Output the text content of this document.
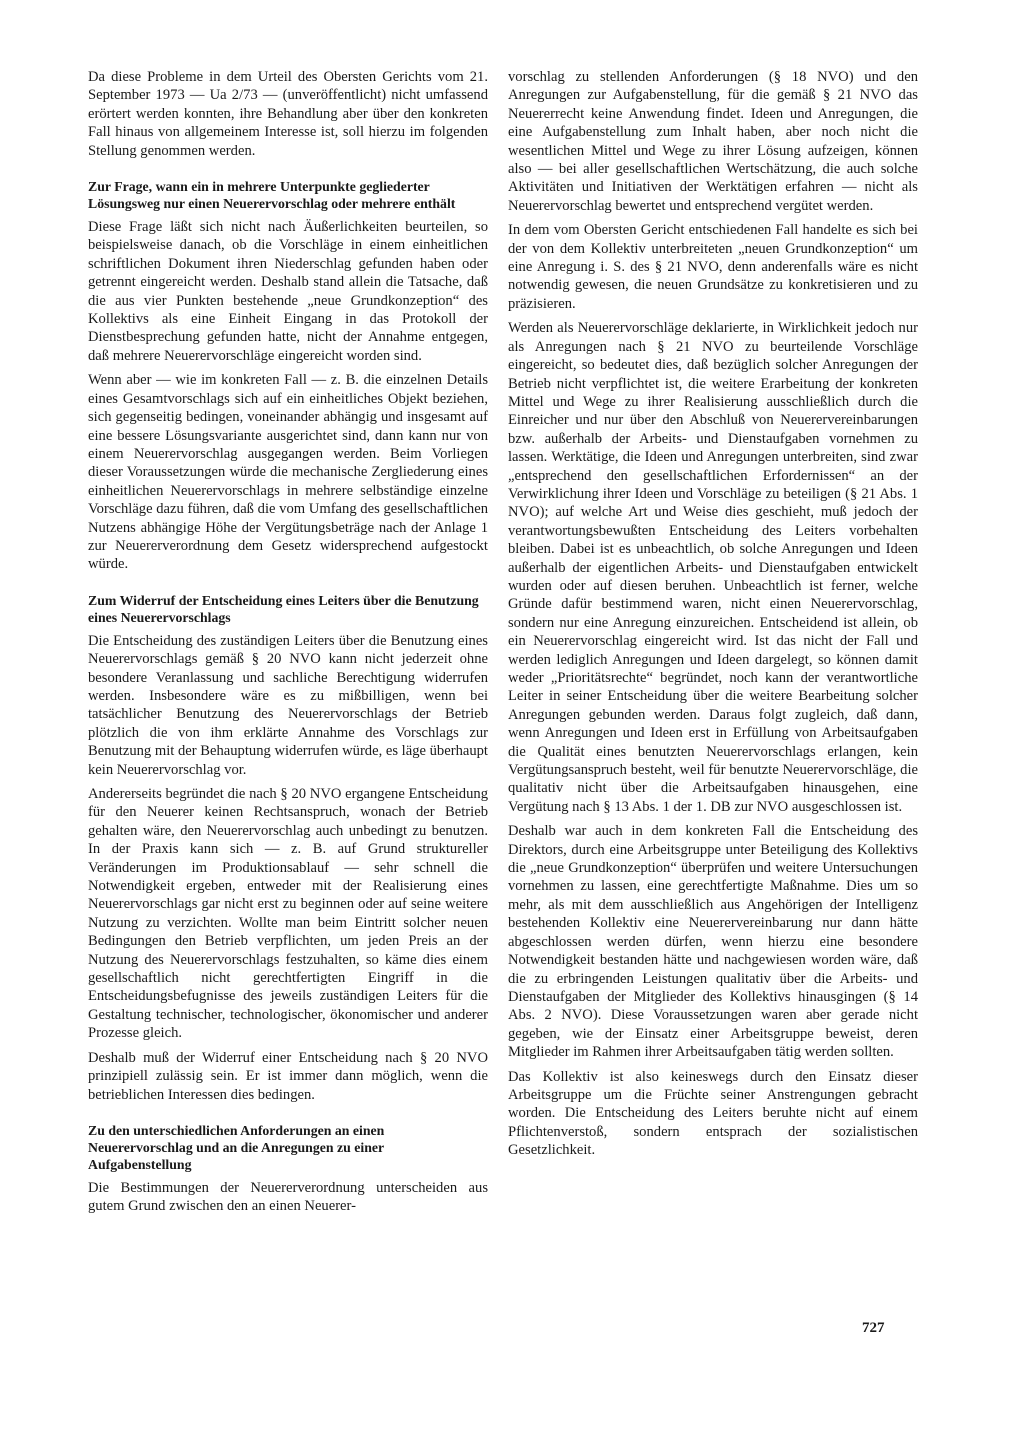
Da diese Probleme in dem Urteil des Obersten Gerichts vom 21. September 1973 — Ua 2/73 — (unveröffentlicht) nicht umfassend erörtert werden konnten, ihre Behandlung aber über den konkreten Fall hinaus von allgemeinem Interesse ist, soll hierzu im folgenden Stellung genommen werden.

Zur Frage, wann ein in mehrere Unterpunkte gegliederter Lösungsweg nur einen Neuerervorschlag oder mehrere enthält

Diese Frage läßt sich nicht nach Äußerlichkeiten beurteilen, so beispielsweise danach, ob die Vorschläge in einem einheitlichen schriftlichen Dokument ihren Niederschlag gefunden haben oder getrennt eingereicht werden. Deshalb stand allein die Tatsache, daß die aus vier Punkten bestehende „neue Grundkonzeption“ des Kollektivs als eine Einheit Eingang in das Protokoll der Dienstbesprechung gefunden hatte, nicht der Annahme entgegen, daß mehrere Neuerervorschläge eingereicht worden sind.

Wenn aber — wie im konkreten Fall — z. B. die einzelnen Details eines Gesamtvorschlags sich auf ein einheitliches Objekt beziehen, sich gegenseitig bedingen, voneinander abhängig und insgesamt auf eine bessere Lösungsvariante ausgerichtet sind, dann kann nur von einem Neuerervorschlag ausgegangen werden. Beim Vorliegen dieser Voraussetzungen würde die mechanische Zergliederung eines einheitlichen Neuerervorschlags in mehrere selbständige einzelne Vorschläge dazu führen, daß die vom Umfang des gesellschaftlichen Nutzens abhängige Höhe der Vergütungsbeträge nach der Anlage 1 zur Neuererverordnung dem Gesetz widersprechend aufgestockt würde.

Zum Widerruf der Entscheidung eines Leiters über die Benutzung eines Neuerervorschlags

Die Entscheidung des zuständigen Leiters über die Benutzung eines Neuerervorschlags gemäß § 20 NVO kann nicht jederzeit ohne besondere Veranlassung und sachliche Berechtigung widerrufen werden. Insbesondere wäre es zu mißbilligen, wenn bei tatsächlicher Benutzung des Neuerervorschlags der Betrieb plötzlich die von ihm erklärte Annahme des Vorschlags zur Benutzung mit der Behauptung widerrufen würde, es läge überhaupt kein Neuerervorschlag vor.

Andererseits begründet die nach § 20 NVO ergangene Entscheidung für den Neuerer keinen Rechtsanspruch, wonach der Betrieb gehalten wäre, den Neuerervorschlag auch unbedingt zu benutzen. In der Praxis kann sich — z. B. auf Grund struktureller Veränderungen im Produktionsablauf — sehr schnell die Notwendigkeit ergeben, entweder mit der Realisierung eines Neuerervorschlags gar nicht erst zu beginnen oder auf seine weitere Nutzung zu verzichten. Wollte man beim Eintritt solcher neuen Bedingungen den Betrieb verpflichten, um jeden Preis an der Nutzung des Neuerervorschlags festzuhalten, so käme dies einem gesellschaftlich nicht gerechtfertigten Eingriff in die Entscheidungsbefugnisse des jeweils zuständigen Leiters für die Gestaltung technischer, technologischer, ökonomischer und anderer Prozesse gleich.

Deshalb muß der Widerruf einer Entscheidung nach § 20 NVO prinzipiell zulässig sein. Er ist immer dann möglich, wenn die betrieblichen Interessen dies bedingen.

Zu den unterschiedlichen Anforderungen an einen Neuerervorschlag und an die Anregungen zu einer Aufgabenstellung

Die Bestimmungen der Neuererverordnung unterscheiden aus gutem Grund zwischen den an einen Neuerer-

vorschlag zu stellenden Anforderungen (§ 18 NVO) und den Anregungen zur Aufgabenstellung, für die gemäß § 21 NVO das Neuererrecht keine Anwendung findet. Ideen und Anregungen, die eine Aufgabenstellung zum Inhalt haben, aber noch nicht die wesentlichen Mittel und Wege zu ihrer Lösung aufzeigen, können also — bei aller gesellschaftlichen Wertschätzung, die auch solche Aktivitäten und Initiativen der Werktätigen erfahren — nicht als Neuerervorschlag bewertet und entsprechend vergütet werden.

In dem vom Obersten Gericht entschiedenen Fall handelte es sich bei der von dem Kollektiv unterbreiteten „neuen Grundkonzeption“ um eine Anregung i. S. des § 21 NVO, denn anderenfalls wäre es nicht notwendig gewesen, die neuen Grundsätze zu konkretisieren und zu präzisieren.

Werden als Neuerervorschläge deklarierte, in Wirklichkeit jedoch nur als Anregungen nach § 21 NVO zu beurteilende Vorschläge eingereicht, so bedeutet dies, daß bezüglich solcher Anregungen der Betrieb nicht verpflichtet ist, die weitere Erarbeitung der konkreten Mittel und Wege zu ihrer Realisierung ausschließlich durch die Einreicher und nur über den Abschluß von Neuerervereinbarungen bzw. außerhalb der Arbeits- und Dienstaufgaben vornehmen zu lassen. Werktätige, die Ideen und Anregungen unterbreiten, sind zwar „entsprechend den gesellschaftlichen Erfordernissen“ an der Verwirklichung ihrer Ideen und Vorschläge zu beteiligen (§ 21 Abs. 1 NVO); auf welche Art und Weise dies geschieht, muß jedoch der verantwortungsbewußten Entscheidung des Leiters vorbehalten bleiben. Dabei ist es unbeachtlich, ob solche Anregungen und Ideen außerhalb der eigentlichen Arbeits- und Dienstaufgaben entwickelt wurden oder auf diesen beruhen. Unbeachtlich ist ferner, welche Gründe dafür bestimmend waren, nicht einen Neuerervorschlag, sondern nur eine Anregung einzureichen. Entscheidend ist allein, ob ein Neuerervorschlag eingereicht wird. Ist das nicht der Fall und werden lediglich Anregungen und Ideen dargelegt, so können damit weder „Prioritätsrechte“ begründet, noch kann der verantwortliche Leiter in seiner Entscheidung über die weitere Bearbeitung solcher Anregungen gebunden werden. Daraus folgt zugleich, daß dann, wenn Anregungen und Ideen erst in Erfüllung von Arbeitsaufgaben die Qualität eines benutzten Neuerervorschlags erlangen, kein Vergütungsanspruch besteht, weil für benutzte Neuerervorschläge, die qualitativ nicht über die Arbeitsaufgaben hinausgehen, eine Vergütung nach § 13 Abs. 1 der 1. DB zur NVO ausgeschlossen ist.

Deshalb war auch in dem konkreten Fall die Entscheidung des Direktors, durch eine Arbeitsgruppe unter Beteiligung des Kollektivs die „neue Grundkonzeption“ überprüfen und weitere Untersuchungen vornehmen zu lassen, eine gerechtfertigte Maßnahme. Dies um so mehr, als mit dem ausschließlich aus Angehörigen der Intelligenz bestehenden Kollektiv eine Neuerervereinbarung nur dann hätte abgeschlossen werden dürfen, wenn hierzu eine besondere Notwendigkeit bestanden hätte und nachgewiesen worden wäre, daß die zu erbringenden Leistungen qualitativ über die Arbeits- und Dienstaufgaben der Mitglieder des Kollektivs hinausgingen (§ 14 Abs. 2 NVO). Diese Voraussetzungen waren aber gerade nicht gegeben, wie der Einsatz einer Arbeitsgruppe beweist, deren Mitglieder im Rahmen ihrer Arbeitsaufgaben tätig werden sollten.

Das Kollektiv ist also keineswegs durch den Einsatz dieser Arbeitsgruppe um die Früchte seiner Anstrengungen gebracht worden. Die Entscheidung des Leiters beruhte nicht auf einem Pflichtenverstoß, sondern entsprach der sozialistischen Gesetzlichkeit.

727
